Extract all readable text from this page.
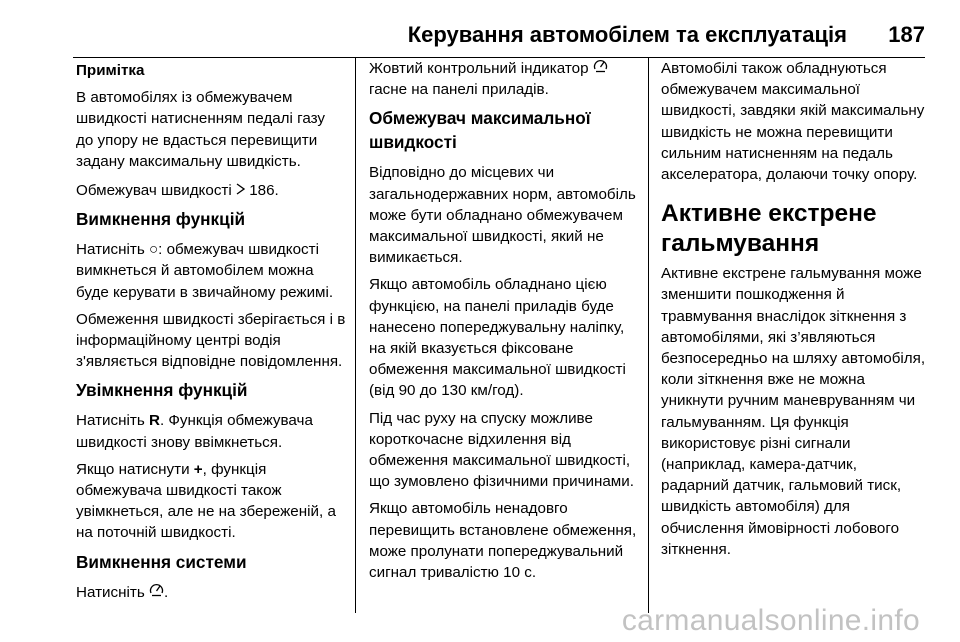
Керування автомобілем та експлуатація 187

Примітка

В автомобілях із обмежувачем швидкості натисненням педалі газу до упору не вдасться перевищити задану максимальну швидкість.

Обмежувач швидкості  186.

Вимкнення функцій

Натисніть ○: обмежувач швидкості вимкнеться й автомобілем можна буде керувати в звичайному режимі.

Обмеження швидкості зберігається і в інформаційному центрі водія з'являється відповідне повідомлення.

Увімкнення функцій

Натисніть R. Функція обмежувача швидкості знову ввімкнеться.

Якщо натиснути +, функція обмежувача швидкості також увімкнеться, але не на збереженій, а на поточній швидкості.

Вимкнення системи

Натисніть .

Жовтий контрольний індикатор  гасне на панелі приладів.

Обмежувач максимальної швидкості

Відповідно до місцевих чи загальнодержавних норм, автомобіль може бути обладнано обмежувачем максимальної швидкості, який не вимикається.

Якщо автомобіль обладнано цією функцією, на панелі приладів буде нанесено попереджувальну наліпку, на якій вказується фіксоване обмеження максимальної швидкості (від 90 до 130 км/год).

Під час руху на спуску можливе короткочасне відхилення від обмеження максимальної швидкості, що зумовлено фізичними причинами.

Якщо автомобіль ненадовго перевищить встановлене обмеження, може пролунати попереджувальний сигнал тривалістю 10 с.

Автомобілі також обладнуються обмежувачем максимальної швидкості, завдяки якій максимальну швидкість не можна перевищити сильним натисненням на педаль акселератора, долаючи точку опору.

Активне екстрене гальмування

Активне екстрене гальмування може зменшити пошкодження й травмування внаслідок зіткнення з автомобілями, які з’являються безпосередньо на шляху автомобіля, коли зіткнення вже не можна уникнути ручним маневруванням чи гальмуванням. Ця функція використовує різні сигнали (наприклад, камера-датчик, радарний датчик, гальмовий тиск, швидкість автомобіля) для обчислення ймовірності лобового зіткнення.

carmanualsonline.info
